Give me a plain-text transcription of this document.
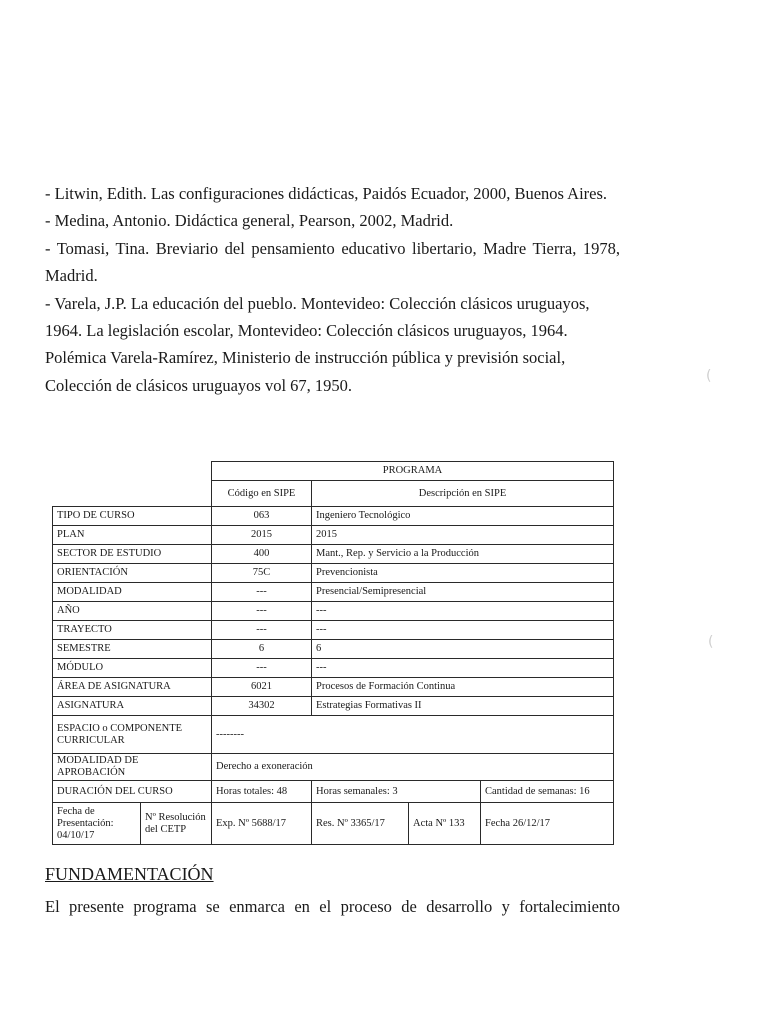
- Litwin, Edith. Las configuraciones didácticas, Paidós Ecuador, 2000, Buenos Aires.

- Medina, Antonio. Didáctica general, Pearson, 2002, Madrid.

- Tomasi, Tina. Breviario del pensamiento educativo libertario, Madre Tierra, 1978, Madrid.

- Varela, J.P. La educación del pueblo. Montevideo: Colección clásicos uruguayos, 1964. La legislación escolar, Montevideo: Colección clásicos uruguayos, 1964. Polémica Varela-Ramírez, Ministerio de instrucción pública y previsión social, Colección de clásicos uruguayos vol 67, 1950.

		PROGRAMA			
		Código en SIPE	Descripción en SIPE		
TIPO DE CURSO		063	Ingeniero Tecnológico		
PLAN		2015	2015		
SECTOR DE ESTUDIO		400	Mant., Rep. y Servicio a la Producción		
ORIENTACIÓN		75C	Prevencionista		
MODALIDAD		---	Presencial/Semipresencial		
AÑO		---	---		
TRAYECTO		---	---		
SEMESTRE		6	6		
MÓDULO		---	---		
ÁREA DE ASIGNATURA		6021	Procesos de Formación Continua		
ASIGNATURA		34302	Estrategias Formativas II		
ESPACIO o COMPONENTE CURRICULAR		--------			
MODALIDAD DE APROBACIÓN		Derecho a exoneración			
DURACIÓN DEL CURSO		Horas totales: 48	Horas semanales: 3		Cantidad de semanas: 16
Fecha de Presentación: 04/10/17	Nº Resolución del CETP	Exp. Nº 5688/17	Res. Nº 3365/17	Acta Nº 133	Fecha 26/12/17

FUNDAMENTACIÓN

El presente programa se enmarca en el proceso de desarrollo y fortalecimiento

(
(
